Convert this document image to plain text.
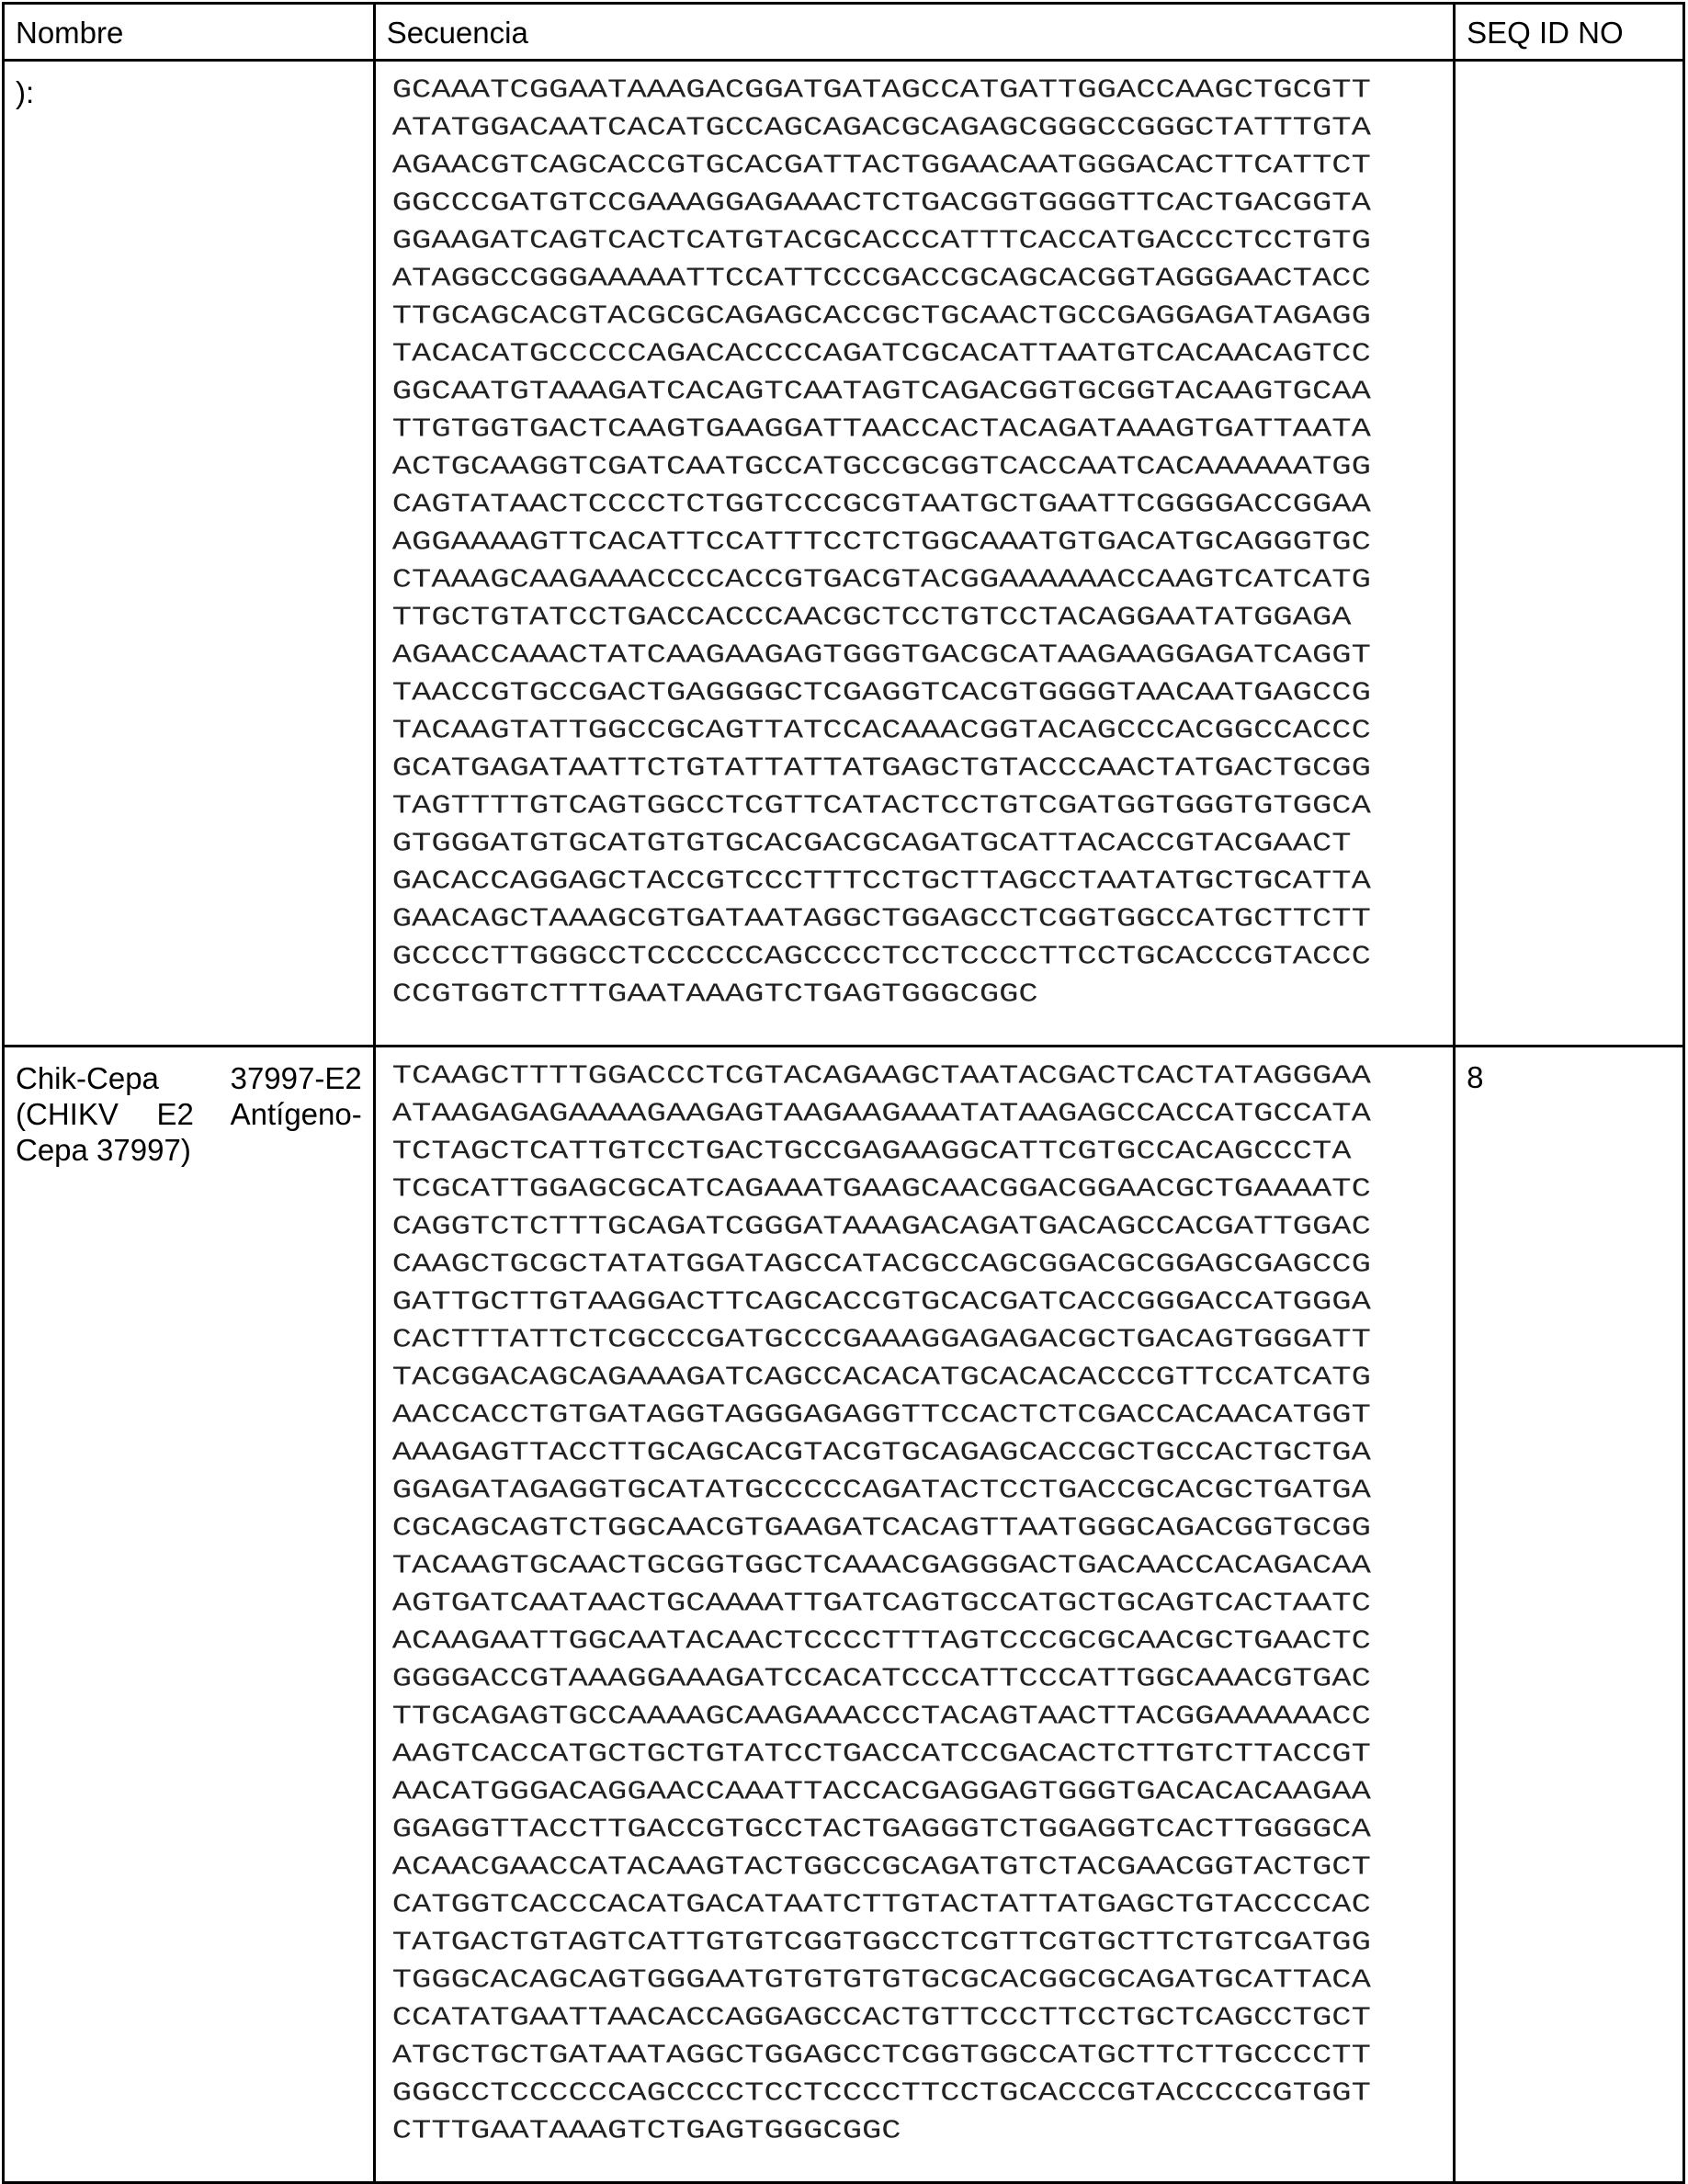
Nombre	Secuencia	SEQ ID NO
):	GCAAATCGGAATAAAGACGGATGATAGCCATGATTGGACCAAGCTGCGTT
ATATGGACAATCACATGCCAGCAGACGCAGAGCGGGCCGGGCTATTTGTA
AGAACGTCAGCACCGTGCACGATTACTGGAACAATGGGACACTTCATTCT
GGCCCGATGTCCGAAAGGAGAAACTCTGACGGTGGGGTTCACTGACGGTA
GGAAGATCAGTCACTCATGTACGCACCCATTTCACCATGACCCTCCTGTG
ATAGGCCGGGAAAAATTCCATTCCCGACCGCAGCACGGTAGGGAACTACC
TTGCAGCACGTACGCGCAGAGCACCGCTGCAACTGCCGAGGAGATAGAGG
TACACATGCCCCCAGACACCCCAGATCGCACATTAATGTCACAACAGTCC
GGCAATGTAAAGATCACAGTCAATAGTCAGACGGTGCGGTACAAGTGCAA
TTGTGGTGACTCAAGTGAAGGATTAACCACTACAGATAAAGTGATTAATA
ACTGCAAGGTCGATCAATGCCATGCCGCGGTCACCAATCACAAAAAATGG
CAGTATAACTCCCCTCTGGTCCCGCGTAATGCTGAATTCGGGGACCGGAA
AGGAAAAGTTCACATTCCATTTCCTCTGGCAAATGTGACATGCAGGGTGC
CTAAAGCAAGAAACCCCACCGTGACGTACGGAAAAAACCAAGTCATCATG
TTGCTGTATCCTGACCACCCAACGCTCCTGTCCTACAGGAATATGGAGA
AGAACCAAACTATCAAGAAGAGTGGGTGACGCATAAGAAGGAGATCAGGT
TAACCGTGCCGACTGAGGGGCTCGAGGTCACGTGGGGTAACAATGAGCCG
TACAAGTATTGGCCGCAGTTATCCACAAACGGTACAGCCCACGGCCACCC
GCATGAGATAATTCTGTATTATTATGAGCTGTACCCAACTATGACTGCGG
TAGTTTTGTCAGTGGCCTCGTTCATACTCCTGTCGATGGTGGGTGTGGCA
GTGGGATGTGCATGTGTGCACGACGCAGATGCATTACACCGTACGAACT
GACACCAGGAGCTACCGTCCCTTTCCTGCTTAGCCTAATATGCTGCATTA
GAACAGCTAAAGCGTGATAATAGGCTGGAGCCTCGGTGGCCATGCTTCTT
GCCCCTTGGGCCTCCCCCCAGCCCCTCCTCCCCTTCCTGCACCCGTACCC
CCGTGGTCTTTGAATAAAGTCTGAGTGGGCGGC

Chik-Cepa 37997-E2 (CHIKV E2 Antígeno-Cepa 37997)	
TCAAGCTTTTGGACCCTCGTACAGAAGCTAATACGACTCACTATAGGGAA
ATAAGAGAGAAAAGAAGAGTAAGAAGAAATATAAGAGCCACCATGCCATA
TCTAGCTCATTGTCCTGACTGCCGAGAAGGCATTCGTGCCACAGCCCTA
TCGCATTGGAGCGCATCAGAAATGAAGCAACGGACGGAACGCTGAAAATC
CAGGTCTCTTTGCAGATCGGGATAAAGACAGATGACAGCCACGATTGGAC
CAAGCTGCGCTATATGGATAGCCATACGCCAGCGGACGCGGAGCGAGCCG
GATTGCTTGTAAGGACTTCAGCACCGTGCACGATCACCGGGACCATGGGA
CACTTTATTCTCGCCCGATGCCCGAAAGGAGAGACGCTGACAGTGGGATT
TACGGACAGCAGAAAGATCAGCCACACATGCACACACCCGTTCCATCATG
AACCACCTGTGATAGGTAGGGAGAGGTTCCACTCTCGACCACAACATGGT
AAAGAGTTACCTTGCAGCACGTACGTGCAGAGCACCGCTGCCACTGCTGA
GGAGATAGAGGTGCATATGCCCCCAGATACTCCTGACCGCACGCTGATGA
CGCAGCAGTCTGGCAACGTGAAGATCACAGTTAATGGGCAGACGGTGCGG
TACAAGTGCAACTGCGGTGGCTCAAACGAGGGACTGACAACCACAGACAA
AGTGATCAATAACTGCAAAATTGATCAGTGCCATGCTGCAGTCACTAATC
ACAAGAATTGGCAATACAACTCCCCTTTAGTCCCGCGCAACGCTGAACTC
GGGGACCGTAAAGGAAAGATCCACATCCCATTCCCATTGGCAAACGTGAC
TTGCAGAGTGCCAAAAGCAAGAAACCCTACAGTAACTTACGGAAAAAACC
AAGTCACCATGCTGCTGTATCCTGACCATCCGACACTCTTGTCTTACCGT
AACATGGGACAGGAACCAAATTACCACGAGGAGTGGGTGACACACAAGAA
GGAGGTTACCTTGACCGTGCCTACTGAGGGTCTGGAGGTCACTTGGGGCA
ACAACGAACCATACAAGTACTGGCCGCAGATGTCTACGAACGGTACTGCT
CATGGTCACCCACATGACATAATCTTGTACTATTATGAGCTGTACCCCAC
TATGACTGTAGTCATTGTGTCGGTGGCCTCGTTCGTGCTTCTGTCGATGG
TGGGCACAGCAGTGGGAATGTGTGTGTGCGCACGGCGCAGATGCATTACA
CCATATGAATTAACACCAGGAGCCACTGTTCCCTTCCTGCTCAGCCTGCT
ATGCTGCTGATAATAGGCTGGAGCCTCGGTGGCCATGCTTCTTGCCCCTT
GGGCCTCCCCCCAGCCCCTCCTCCCCTTCCTGCACCCGTACCCCCGTGGT
CTTTGAATAAAGTCTGAGTGGGCGGC
	8
